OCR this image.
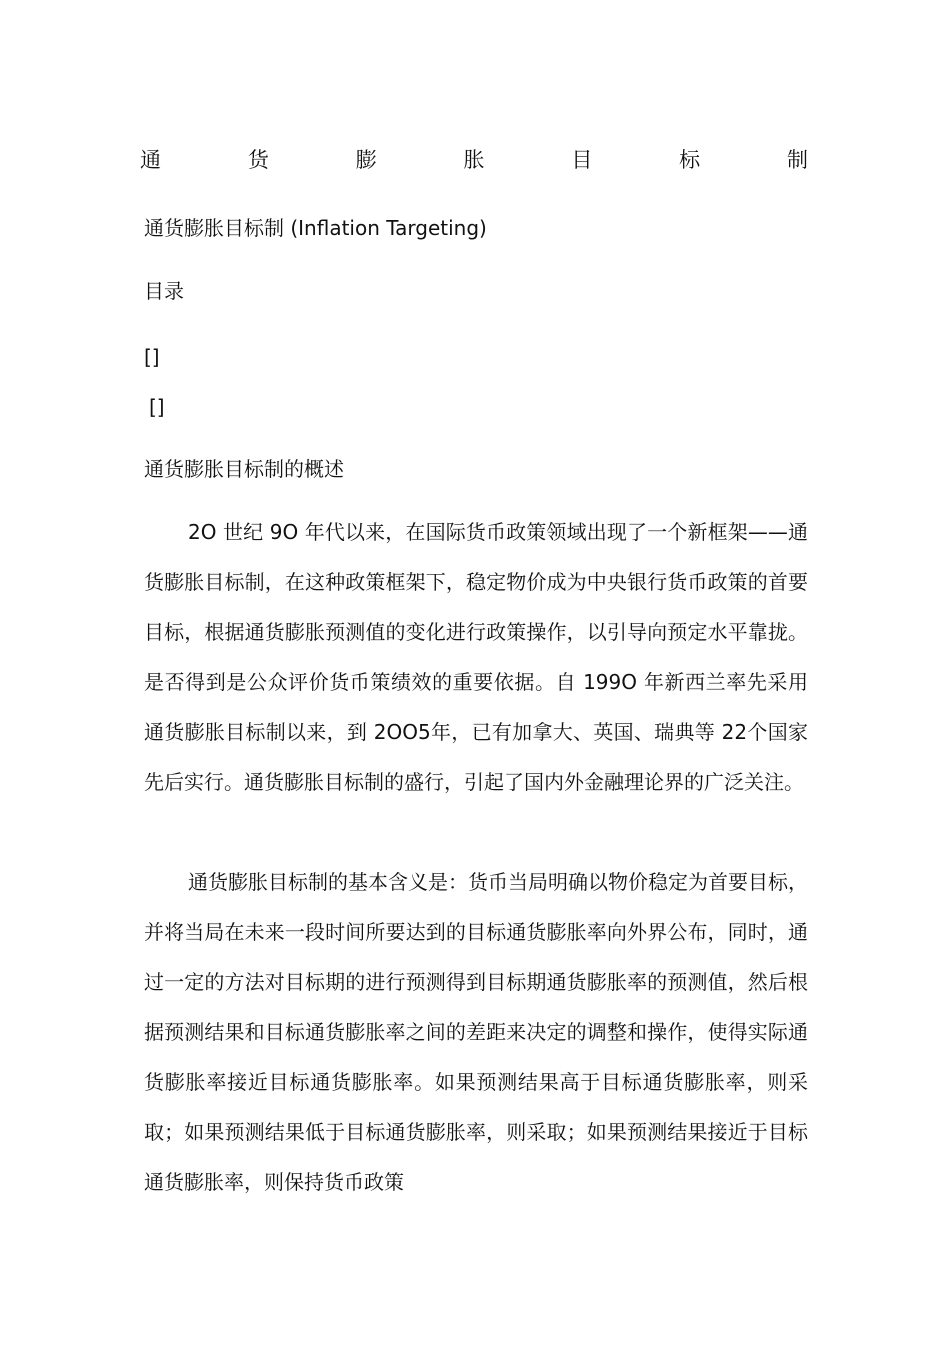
通	货	膨	胀	目	标	制
通货膨胀目标制 (Inflation Targeting)
目录
[]
[]
通货膨胀目标制的概述
2O 世纪 9O 年代以来，在国际货币政策领域出现了一个新框架——通货膨胀目标制，在这种政策框架下，稳定物价成为中央银行货币政策的首要目标，根据通货膨胀预测值的变化进行政策操作，以引导向预定水平靠拢。是否得到是公众评价货币策绩效的重要依据。自 199O 年新西兰率先采用通货膨胀目标制以来，到 2OO5年，已有加拿大、英国、瑞典等 22个国家先后实行。通货膨胀目标制的盛行，引起了国内外金融理论界的广泛关注。
通货膨胀目标制的基本含义是：货币当局明确以物价稳定为首要目标，并将当局在未来一段时间所要达到的目标通货膨胀率向外界公布，同时，通过一定的方法对目标期的进行预测得到目标期通货膨胀率的预测值，然后根据预测结果和目标通货膨胀率之间的差距来决定的调整和操作，使得实际通货膨胀率接近目标通货膨胀率。如果预测结果高于目标通货膨胀率，则采取；如果预测结果低于目标通货膨胀率，则采取；如果预测结果接近于目标通货膨胀率，则保持货币政策
